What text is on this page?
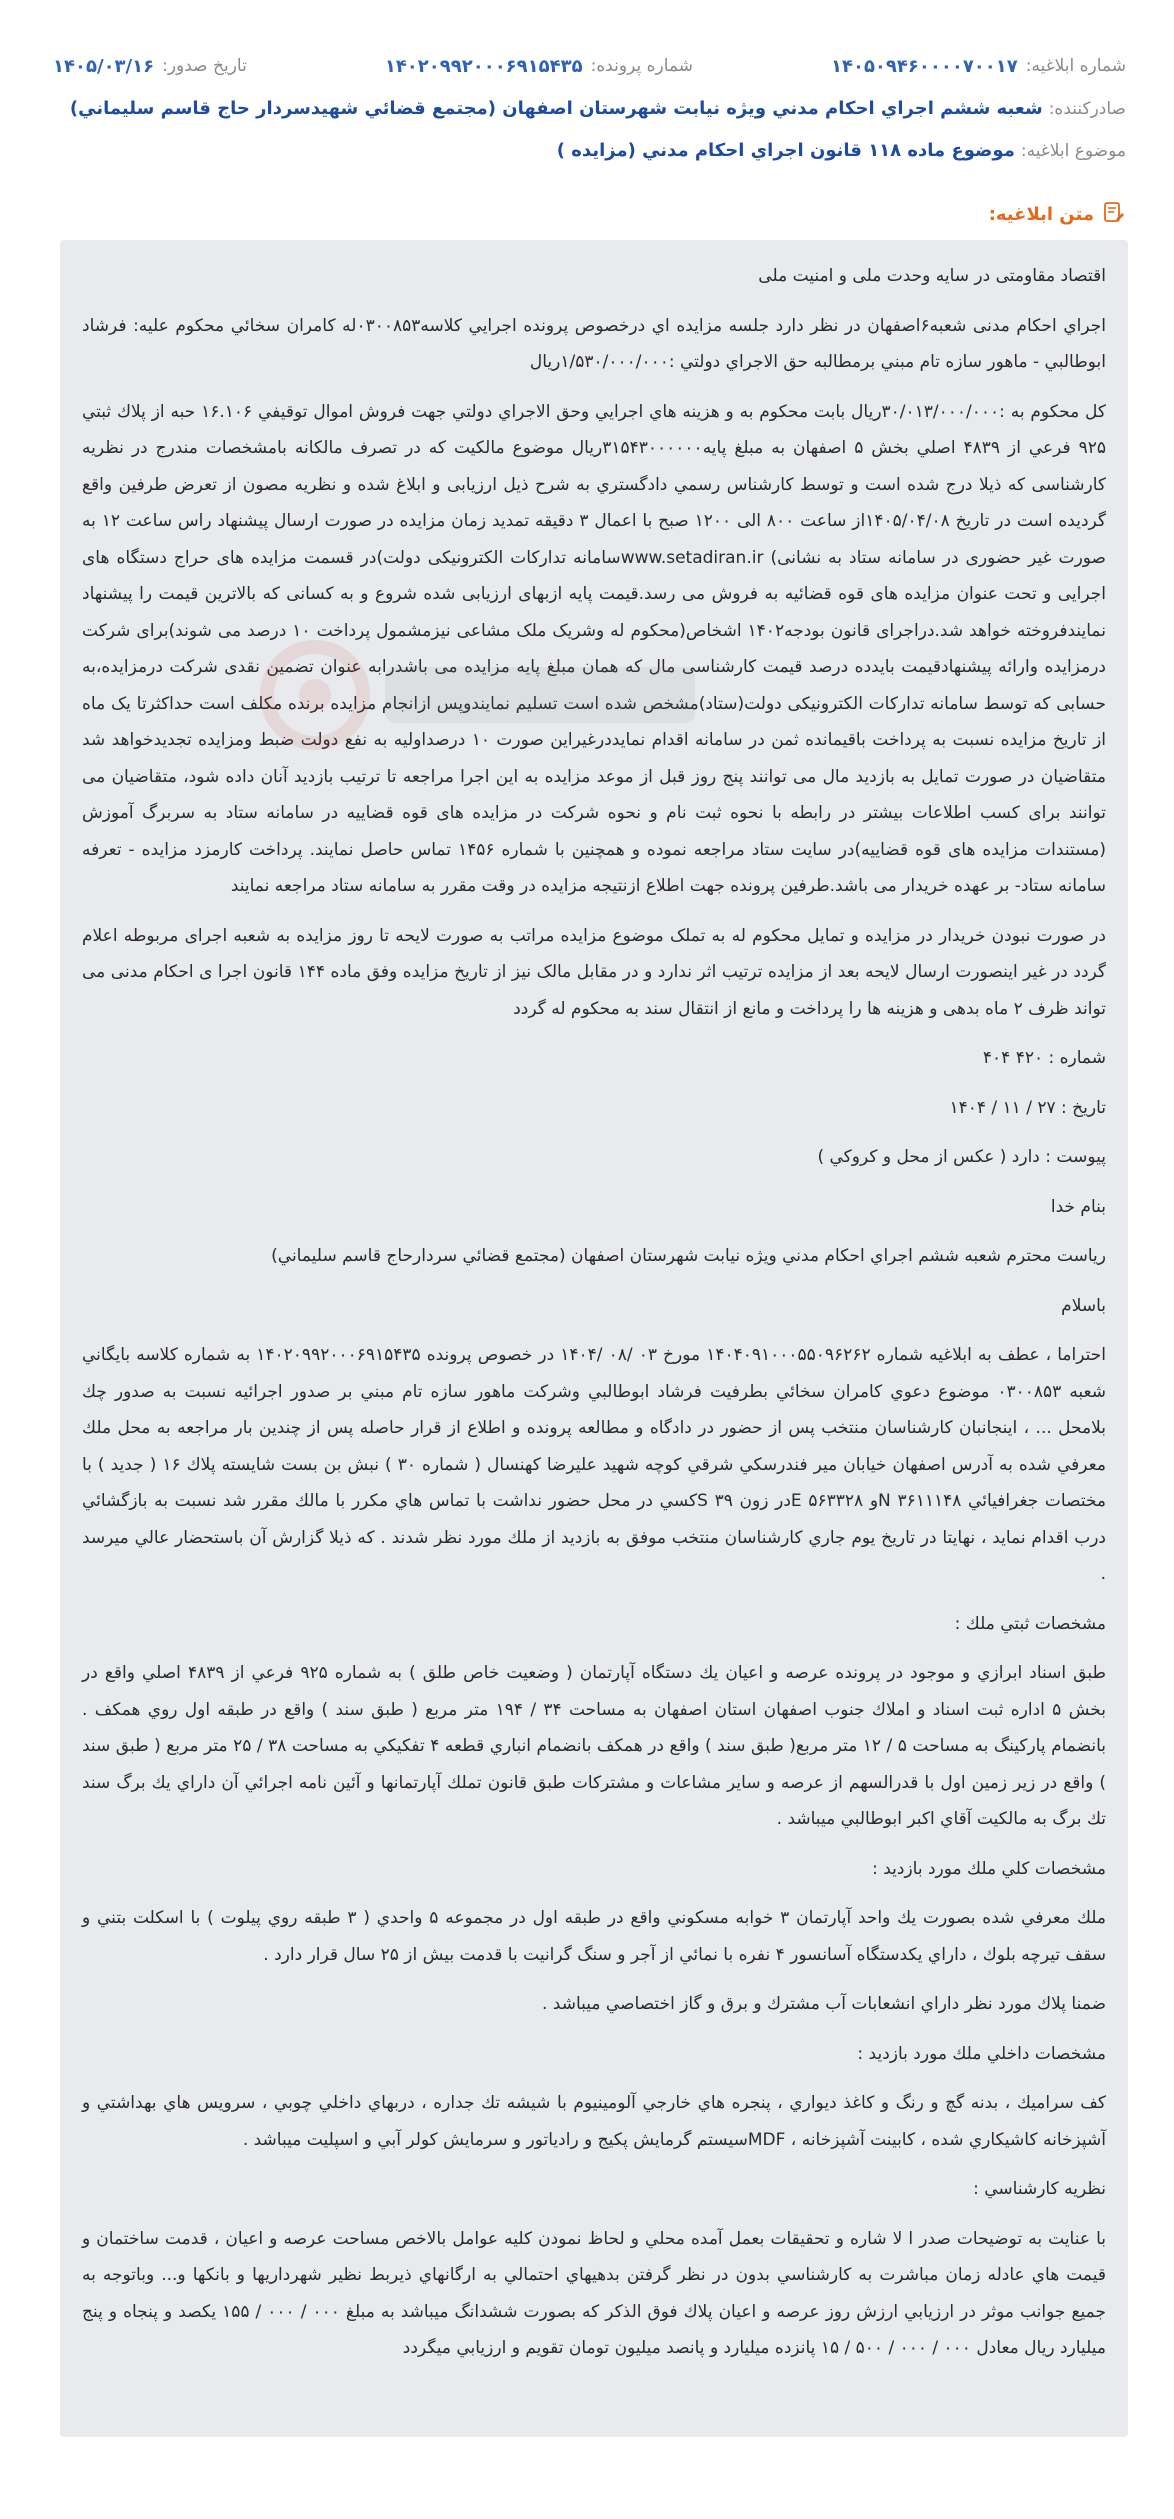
شماره ابلاغيه:
۱۴۰۵۰۹۴۶۰۰۰۰۷۰۰۱۷
شماره پرونده:
۱۴۰۲۰۹۹۲۰۰۰۶۹۱۵۴۳۵
تاریخ صدور:
۱۴۰۵/۰۳/۱۶
صادرکننده:
شعبه ششم اجراي احكام مدني ويژه نيابت شهرستان اصفهان (مجتمع قضائي شهيدسردار حاج قاسم سليماني)
موضوع ابلاغیه:
موضوع ماده ۱۱۸ قانون اجراي احكام مدني (مزايده )
متن ابلاغیه:

اقتصاد مقاومتی در سایه وحدت ملی و امنیت ملی

اجراي احكام مدنی شعبه۶اصفهان در نظر دارد جلسه مزايده اي درخصوص پرونده اجرايي كلاسه۰۳۰۰۸۵۳له كامران سخائي محكوم عليه: فرشاد ابوطالبي - ماهور سازه تام مبني برمطالبه حق الاجراي دولتي :۱/۵۳۰/۰۰۰/۰۰۰ريال

كل محكوم به :۳۰/۰۱۳/۰۰۰/۰۰۰ريال بابت محكوم به و هزينه هاي اجرايي وحق الاجراي دولتي جهت فروش اموال توقيفي ۱۶.۱۰۶ حبه از پلاك ثبتي ۹۲۵ فرعي از ۴۸۳۹ اصلي بخش ۵ اصفهان به مبلغ پايه۳۱۵۴۳۰۰۰۰۰۰ريال موضوع مالكيت كه در تصرف مالكانه بامشخصات مندرج در نظريه كارشناسی كه ذيلا درج شده است و توسط كارشناس رسمي دادگستري به شرح ذيل ارزيابی و ابلاغ شده و نظريه مصون از تعرض طرفين واقع گرديده است در تاريخ ۱۴۰۵/۰۴/۰۸از ساعت ۸۰۰ الی ۱۲۰۰ صبح با اعمال ۳ دقيقه تمديد زمان مزايده در صورت ارسال پيشنهاد راس ساعت ۱۲ به صورت غير حضوری در سامانه ستاد به نشانی) www.setadiran.irسامانه تداركات الكترونيكی دولت)در قسمت مزايده های حراج دستگاه های اجرايی و تحت عنوان مزايده های قوه قضائيه به فروش می رسد.قيمت پايه ازبهای ارزيابی شده شروع و به كسانی كه بالاترين قيمت را پيشنهاد نمايندفروخته خواهد شد.دراجرای قانون بودجه۱۴۰۲ اشخاص(محكوم له وشريک ملک مشاعی نيزمشمول پرداخت ۱۰ درصد می شوند)برای شركت درمزايده وارائه پيشنهادقيمت بايدده درصد قيمت كارشناسی مال كه همان مبلغ پايه مزايده می باشدرابه عنوان تضمين نقدی شركت درمزايده،به حسابی كه توسط سامانه تداركات الكترونيكی دولت(ستاد)مشخص شده است تسليم نمايندوپس ازانجام مزايده برنده مكلف است حداكثرتا يک ماه از تاريخ مزايده نسبت به پرداخت باقيمانده ثمن در سامانه اقدام نمايددرغيراين صورت ۱۰ درصداوليه به نفع دولت ضبط ومزايده تجديدخواهد شد متقاضيان در صورت تمايل به بازديد مال می توانند پنج روز قبل از موعد مزايده به اين اجرا مراجعه تا ترتيب بازديد آنان داده شود، متقاضيان می توانند برای كسب اطلاعات بيشتر در رابطه با نحوه ثبت نام و نحوه شركت در مزايده های قوه قضاييه در سامانه ستاد به سربرگ آموزش (مستندات مزايده های قوه قضاييه)در سايت ستاد مراجعه نموده و همچنين با شماره ۱۴۵۶ تماس حاصل نمايند. پرداخت كارمزد مزايده - تعرفه سامانه ستاد- بر عهده خريدار می باشد.طرفين پرونده جهت اطلاع ازنتيجه مزايده در وقت مقرر به سامانه ستاد مراجعه نمايند

در صورت نبودن خريدار در مزايده و تمايل محكوم له به تملک موضوع مزايده مراتب به صورت لايحه تا روز مزايده به شعبه اجرای مربوطه اعلام گردد در غير اينصورت ارسال لايحه بعد از مزايده ترتيب اثر ندارد و در مقابل مالک نيز از تاريخ مزايده وفق ماده ۱۴۴ قانون اجرا ی احكام مدنی می تواند ظرف ۲ ماه بدهی و هزينه ها را پرداخت و مانع از انتقال سند به محكوم له گردد

شماره : ۴۲۰ ۴۰۴

تاريخ : ۲۷ / ۱۱ / ۱۴۰۴

پيوست : دارد ( عكس از محل و كروكي )

بنام خدا

رياست محترم شعبه ششم اجراي احكام مدني ويژه نيابت شهرستان اصفهان (مجتمع قضائي سردارحاج قاسم سليماني)

باسلام

احتراما ، عطف به ابلاغيه شماره ۱۴۰۴۰۹۱۰۰۰۵۵۰۹۶۲۶۲ مورخ ۰۳ /۰۸ /۱۴۰۴ در خصوص پرونده ۱۴۰۲۰۹۹۲۰۰۰۶۹۱۵۴۳۵ به شماره كلاسه بايگاني شعبه ۰۳۰۰۸۵۳ موضوع دعوي كامران سخائي بطرفيت فرشاد ابوطالبي وشركت ماهور سازه تام مبني بر صدور اجرائيه نسبت به صدور چك بلامحل ... ، اينجانبان كارشناسان منتخب پس از حضور در دادگاه و مطالعه پرونده و اطلاع از قرار حاصله پس از چندين بار مراجعه به محل ملك معرفي شده به آدرس اصفهان خيابان مير فندرسكي شرقي كوچه شهيد عليرضا كهنسال ( شماره ۳۰ ) نبش بن بست شايسته پلاك ۱۶ ( جديد ) با مختصات جغرافيائي ۳۶۱۱۱۴۸ Nو ۵۶۳۳۲۸ Eدر زون ۳۹ Sكسي در محل حضور نداشت با تماس هاي مكرر با مالك مقرر شد نسبت به بازگشائي درب اقدام نمايد ، نهايتا در تاريخ يوم جاري كارشناسان منتخب موفق به بازديد از ملك مورد نظر شدند . كه ذيلا گزارش آن باستحضار عالي ميرسد .

مشخصات ثبتي ملك :

طبق اسناد ابرازي و موجود در پرونده عرصه و اعيان يك دستگاه آپارتمان ( وضعيت خاص طلق ) به شماره ۹۲۵ فرعي از ۴۸۳۹ اصلي واقع در بخش ۵ اداره ثبت اسناد و املاك جنوب اصفهان استان اصفهان به مساحت ۳۴ / ۱۹۴ متر مربع ( طبق سند ) واقع در طبقه اول روي همكف . بانضمام پاركينگ به مساحت ۵ / ۱۲ متر مربع( طبق سند ) واقع در همكف بانضمام انباري قطعه ۴ تفكيكي به مساحت ۳۸ / ۲۵ متر مربع ( طبق سند ) واقع در زير زمين اول با قدرالسهم از عرصه و ساير مشاعات و مشتركات طبق قانون تملك آپارتمانها و آئين نامه اجرائي آن داراي يك برگ سند تك برگ به مالكيت آقاي اكبر ابوطالبي ميباشد .

مشخصات كلي ملك مورد بازديد :

ملك معرفي شده بصورت يك واحد آپارتمان ۳ خوابه مسكوني واقع در طبقه اول در مجموعه ۵ واحدي ( ۳ طبقه روي پيلوت ) با اسكلت بتني و سقف تيرچه بلوك ، داراي يكدستگاه آسانسور ۴ نفره با نمائي از آجر و سنگ گرانيت با قدمت بيش از ۲۵ سال قرار دارد .

ضمنا پلاك مورد نظر داراي انشعابات آب مشترك و برق و گاز اختصاصي ميباشد .

مشخصات داخلي ملك مورد بازديد :

كف سراميك ، بدنه گچ و رنگ و كاغذ ديواري ، پنجره هاي خارجي آلومينيوم با شيشه تك جداره ، دربهاي داخلي چوبي ، سرويس هاي بهداشتي و آشپزخانه كاشيكاري شده ، كابينت آشپزخانه ، MDFسيستم گرمايش پكيج و رادياتور و سرمايش كولر آبي و اسپليت ميباشد .

نظريه كارشناسي :

با عنايت به توضيحات صدر ا لا شاره و تحقيقات بعمل آمده محلي و لحاظ نمودن كليه عوامل بالاخص مساحت عرصه و اعيان ، قدمت ساختمان و قيمت هاي عادله زمان مباشرت به كارشناسي بدون در نظر گرفتن بدهيهاي احتمالي به ارگانهاي ذيربط نظير شهرداريها و بانكها و... وباتوجه به جميع جوانب موثر در ارزيابي ارزش روز عرصه و اعيان پلاك فوق الذكر كه بصورت ششدانگ ميباشد به مبلغ ۰۰۰ / ۰۰۰ / ۱۵۵ يكصد و پنجاه و پنج ميليارد ريال معادل ۰۰۰ / ۰۰۰ / ۵۰۰ / ۱۵ پانزده ميليارد و پانصد ميليون تومان تقويم و ارزيابي ميگردد
